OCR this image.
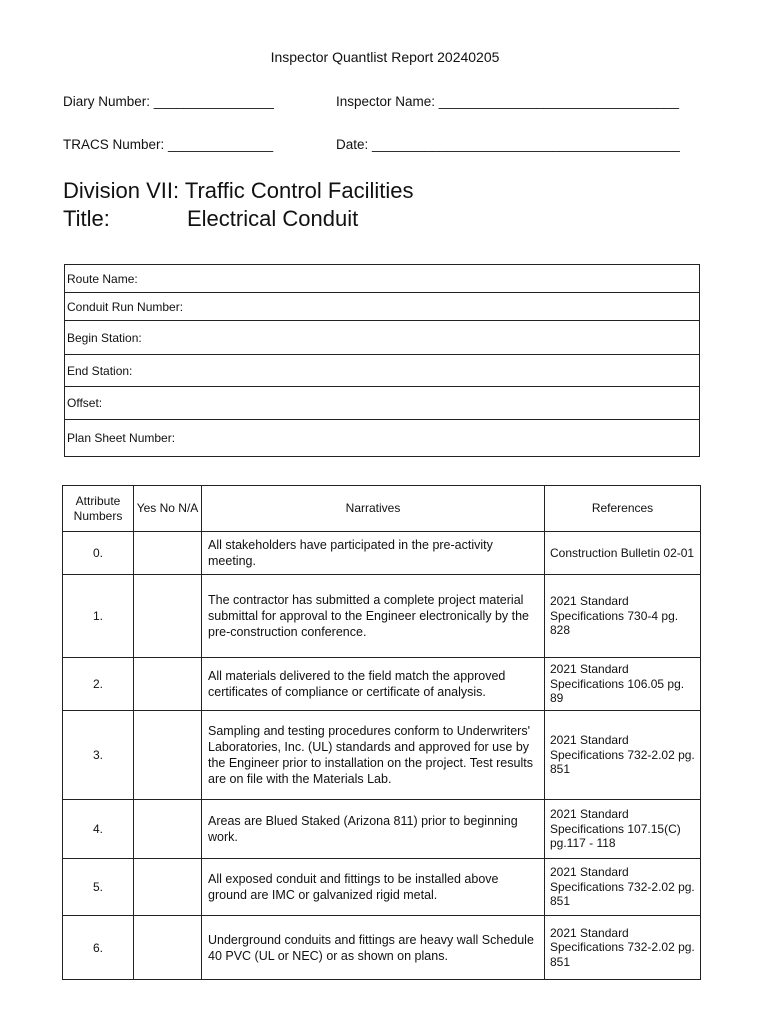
Inspector Quantlist Report 20240205
Diary Number: ________________	Inspector Name: ________________________________
TRACS Number: ______________	Date: _________________________________________
Division VII: Traffic Control Facilities
Title:	Electrical Conduit
Route Name:
Conduit Run Number:
Begin Station:
End Station:
Offset:
Plan Sheet Number:
Attribute Numbers	Yes No N/A	Narratives	References
0.		All stakeholders have participated in the pre-activity meeting.	Construction Bulletin 02-01
1.		The contractor has submitted a complete project material submittal for approval to the Engineer electronically by the pre-construction conference.	2021 Standard Specifications 730-4 pg. 828
2.		All materials delivered to the field match the approved certificates of compliance or certificate of analysis.	2021 Standard Specifications 106.05 pg. 89
3.		Sampling and testing procedures conform to Underwriters' Laboratories, Inc. (UL) standards and approved for use by the Engineer prior to installation on the project. Test results are on file with the Materials Lab.	2021 Standard Specifications 732-2.02 pg. 851
4.		Areas are Blued Staked (Arizona 811) prior to beginning work.	2021 Standard Specifications 107.15(C) pg.117 - 118
5.		All exposed conduit and fittings to be installed above ground are IMC or galvanized rigid metal.	2021 Standard Specifications 732-2.02 pg. 851
6.		Underground conduits and fittings are heavy wall Schedule 40 PVC (UL or NEC) or as shown on plans.	2021 Standard Specifications 732-2.02 pg. 851
